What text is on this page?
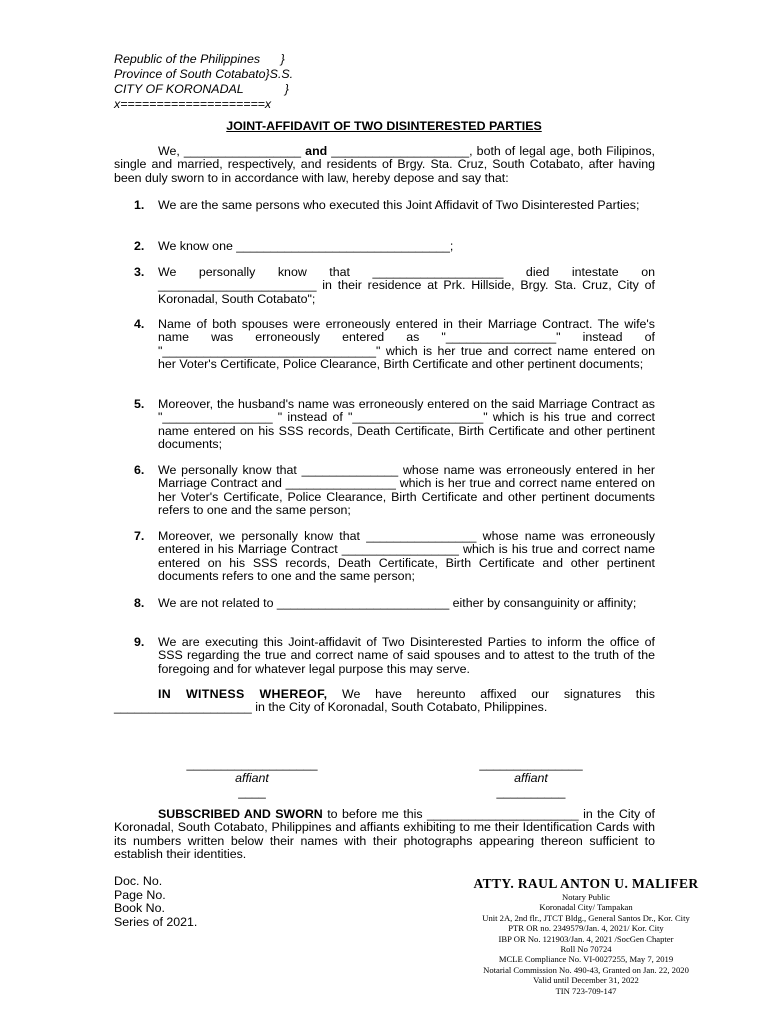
Republic of the Philippines      }
Province of South Cotabato}S.S.
CITY OF KORONADAL            }
x====================x
JOINT-AFFIDAVIT OF TWO DISINTERESTED PARTIES
We, _________________ and ____________________, both of legal age, both Filipinos, single and married, respectively, and residents of Brgy. Sta. Cruz, South Cotabato, after having been duly sworn to in accordance with law, hereby depose and say that:
1. We are the same persons who executed this Joint Affidavit of Two Disinterested Parties;
2. We know one _______________________________;
3. We personally know that ___________________ died intestate on _______________________ in their residence at Prk. Hillside, Brgy. Sta. Cruz, City of Koronadal, South Cotabato";
4. Name of both spouses were erroneously entered in their Marriage Contract. The wife's name was erroneously entered as "________________" instead of "_______________________________" which is her true and correct name entered on her Voter's Certificate, Police Clearance, Birth Certificate and other pertinent documents;
5. Moreover, the husband's name was erroneously entered on the said Marriage Contract as "________________ " instead of "___________________" which is his true and correct name entered on his SSS records, Death Certificate, Birth Certificate and other pertinent documents;
6. We personally know that ______________ whose name was erroneously entered in her Marriage Contract and ________________ which is her true and correct name entered on her Voter's Certificate, Police Clearance, Birth Certificate and other pertinent documents refers to one and the same person;
7. Moreover, we personally know that ________________ whose name was erroneously entered in his Marriage Contract _________________ which is his true and correct name entered on his SSS records, Death Certificate, Birth Certificate and other pertinent documents refers to one and the same person;
8. We are not related to _________________________ either by consanguinity or affinity;
9. We are executing this Joint-affidavit of Two Disinterested Parties to inform the office of SSS regarding the true and correct name of said spouses and to attest to the truth of the foregoing and for whatever legal purpose this may serve.
IN WITNESS WHEREOF, We have hereunto affixed our signatures this ____________________ in the City of Koronadal, South Cotabato, Philippines.
___________________
affiant
____
_______________
affiant
__________
SUBSCRIBED AND SWORN to before me this ______________________ in the City of Koronadal, South Cotabato, Philippines and affiants exhibiting to me their Identification Cards with its numbers written below their names with their photographs appearing thereon sufficient to establish their identities.
Doc. No.
Page No.
Book No.
Series of 2021.
ATTY. RAUL ANTON U. MALIFER
Notary Public
Koronadal City/ Tampakan
Unit 2A, 2nd flr., JTCT Bldg., General Santos Dr., Kor. City
PTR OR no. 2349579/Jan. 4, 2021/ Kor. City
IBP OR No. 121903/Jan. 4, 2021 /SocGen Chapter
Roll No 70724
MCLE Compliance No. VI-0027255, May 7, 2019
Notarial Commission No. 490-43, Granted on Jan. 22, 2020
Valid until December 31, 2022
TIN 723-709-147
